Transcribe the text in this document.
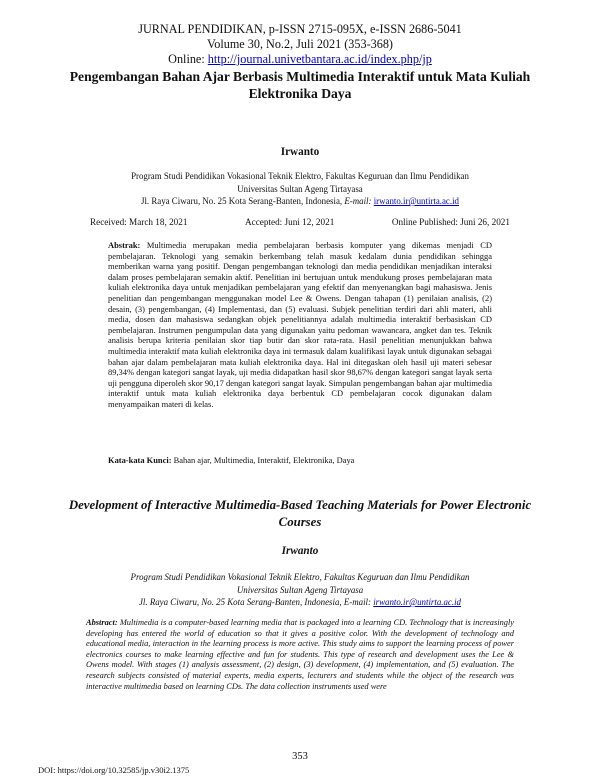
JURNAL PENDIDIKAN, p-ISSN 2715-095X, e-ISSN 2686-5041
Volume 30, No.2, Juli 2021 (353-368)
Online: http://journal.univetbantara.ac.id/index.php/jp
Pengembangan Bahan Ajar Berbasis Multimedia Interaktif untuk Mata Kuliah Elektronika Daya
Irwanto
Program Studi Pendidikan Vokasional Teknik Elektro, Fakultas Keguruan dan Ilmu Pendidikan
Universitas Sultan Ageng Tirtayasa
Jl. Raya Ciwaru, No. 25 Kota Serang-Banten, Indonesia, E-mail: irwanto.ir@untirta.ac.id
Received: March 18, 2021	Accepted: Juni 12, 2021	Online Published: Juni 26, 2021
Abstrak: Multimedia merupakan media pembelajaran berbasis komputer yang dikemas menjadi CD pembelajaran. Teknologi yang semakin berkembang telah masuk kedalam dunia pendidikan sehingga memberikan warna yang positif. Dengan pengembangan teknologi dan media pendidikan menjadikan interaksi dalam proses pembelajaran semakin aktif. Penelitian ini bertujuan untuk mendukung proses pembelajaran mata kuliah elektronika daya untuk menjadikan pembelajaran yang efektif dan menyenangkan bagi mahasiswa. Jenis penelitian dan pengembangan menggunakan model Lee & Owens. Dengan tahapan (1) penilaian analisis, (2) desain, (3) pengembangan, (4) Implementasi, dan (5) evaluasi. Subjek penelitian terdiri dari ahli materi, ahli media, dosen dan mahasiswa sedangkan objek penelitiannya adalah multimedia interaktif berbasiskan CD pembelajaran. Instrumen pengumpulan data yang digunakan yaitu pedoman wawancara, angket dan tes. Teknik analisis berupa kriteria penilaian skor tiap butir dan skor rata-rata. Hasil penelitian menunjukkan bahwa multimedia interaktif mata kuliah elektronika daya ini termasuk dalam kualifikasi layak untuk digunakan sebagai bahan ajar dalam pembelajaran mata kuliah elektronika daya. Hal ini ditegaskan oleh hasil uji materi sebesar 89,34% dengan kategori sangat layak, uji media didapatkan hasil skor 98,67% dengan kategori sangat layak serta uji pengguna diperoleh skor 90,17 dengan kategori sangat layak. Simpulan pengembangan bahan ajar multimedia interaktif untuk mata kuliah elektronika daya berbentuk CD pembelajaran cocok digunakan dalam menyampaikan materi di kelas.
Kata-kata Kunci: Bahan ajar, Multimedia, Interaktif, Elektronika, Daya
Development of Interactive Multimedia-Based Teaching Materials for Power Electronic Courses
Irwanto
Program Studi Pendidikan Vokasional Teknik Elektro, Fakultas Keguruan dan Ilmu Pendidikan
Universitas Sultan Ageng Tirtayasa
Jl. Raya Ciwaru, No. 25 Kota Serang-Banten, Indonesia, E-mail: irwanto.ir@untirta.ac.id
Abstract: Multimedia is a computer-based learning media that is packaged into a learning CD. Technology that is increasingly developing has entered the world of education so that it gives a positive color. With the development of technology and educational media, interaction in the learning process is more active. This study aims to support the learning process of power electronics courses to make learning effective and fun for students. This type of research and development uses the Lee & Owens model. With stages (1) analysis assessment, (2) design, (3) development, (4) implementation, and (5) evaluation. The research subjects consisted of material experts, media experts, lecturers and students while the object of the research was interactive multimedia based on learning CDs. The data collection instruments used were
353
DOI: https://doi.org/10.32585/jp.v30i2.1375
